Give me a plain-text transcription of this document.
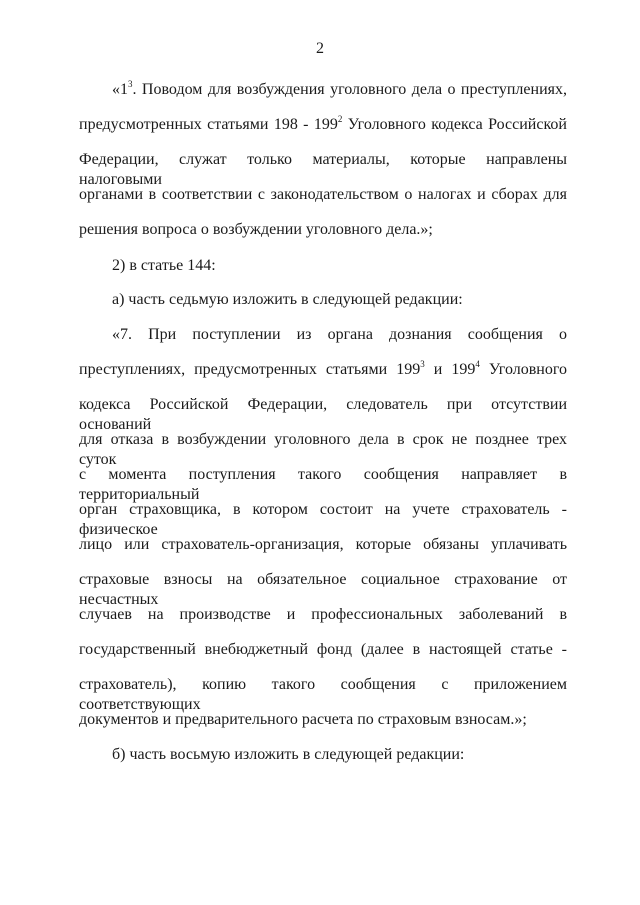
2
«$1^3$. Поводом для возбуждения уголовного дела о преступлениях,
предусмотренных статьями $198 - 199^2$ Уголовного кодекса Российской
Федерации, служат только материалы, которые направлены налоговыми
органами в соответствии с законодательством о налогах и сборах для
решения вопроса о возбуждении уголовного дела.»;
2) в статье 144:
а) часть седьмую изложить в следующей редакции:
«7. При поступлении из органа дознания сообщения о
преступлениях, предусмотренных статьями $199^3$ и $199^4$ Уголовного
кодекса Российской Федерации, следователь при отсутствии оснований
для отказа в возбуждении уголовного дела в срок не позднее трех суток
с момента поступления такого сообщения направляет в территориальный
орган страховщика, в котором состоит на учете страхователь - физическое
лицо или страхователь-организация, которые обязаны уплачивать
страховые взносы на обязательное социальное страхование от несчастных
случаев на производстве и профессиональных заболеваний в
государственный внебюджетный фонд (далее в настоящей статье -
страхователь), копию такого сообщения с приложением соответствующих
документов и предварительного расчета по страховым взносам.»;
б) часть восьмую изложить в следующей редакции:
